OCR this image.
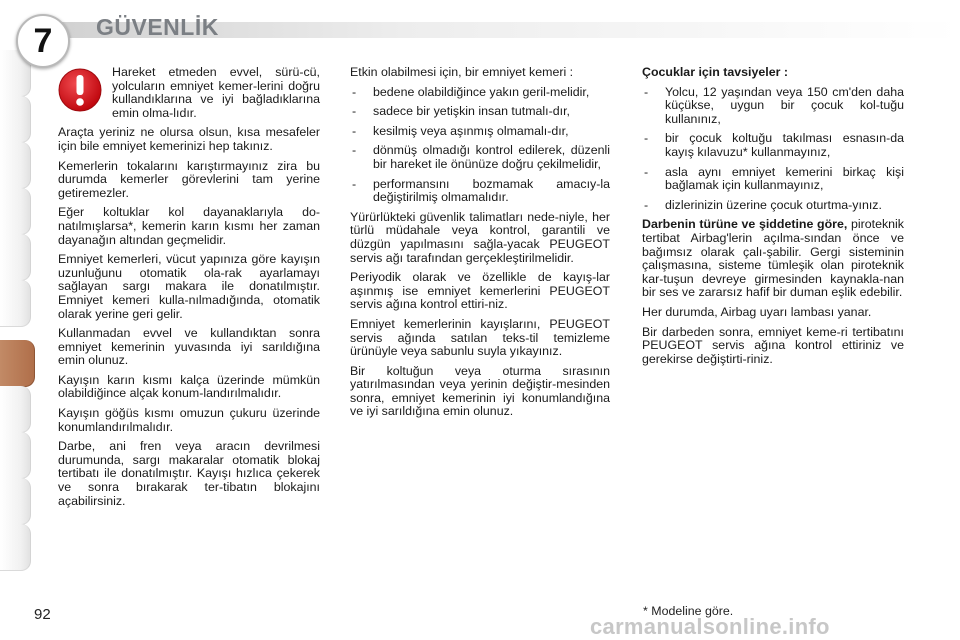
7 GÜVENLİK

Hareket etmeden evvel, sürü-cü, yolcuların emniyet kemer-lerini doğru kullandıklarına ve iyi bağladıklarına emin olma-lıdır.

Araçta yeriniz ne olursa olsun, kısa mesafeler için bile emniyet kemerinizi hep takınız.

Kemerlerin tokalarını karıştırmayınız zira bu durumda kemerler görevlerini tam yerine getiremezler.

Eğer koltuklar kol dayanaklarıyla do-natılmışlarsa*, kemerin karın kısmı her zaman dayanağın altından geçmelidir.

Emniyet kemerleri, vücut yapınıza göre kayışın uzunluğunu otomatik ola-rak ayarlamayı sağlayan sargı makara ile donatılmıştır. Emniyet kemeri kulla-nılmadığında, otomatik olarak yerine geri gelir.

Kullanmadan evvel ve kullandıktan sonra emniyet kemerinin yuvasında iyi sarıldığına emin olunuz.

Kayışın karın kısmı kalça üzerinde mümkün olabildiğince alçak konum-landırılmalıdır.

Kayışın göğüs kısmı omuzun çukuru üzerinde konumlandırılmalıdır.

Darbe, ani fren veya aracın devrilmesi durumunda, sargı makaralar otomatik blokaj tertibatı ile donatılmıştır. Kayışı hızlıca çekerek ve sonra bırakarak ter-tibatın blokajını açabilirsiniz.

Etkin olabilmesi için, bir emniyet kemeri :

- bedene olabildiğince yakın geril-melidir,
- sadece bir yetişkin insan tutmalı-dır,
- kesilmiş veya aşınmış olmamalı-dır,
- dönmüş olmadığı kontrol edilerek, düzenli bir hareket ile önünüze doğru çekilmelidir,
- performansını bozmamak amacıy-la değiştirilmiş olmamalıdır.

Yürürlükteki güvenlik talimatları nede-niyle, her türlü müdahale veya kontrol, garantili ve düzgün yapılmasını sağla-yacak PEUGEOT servis ağı tarafından gerçekleştirilmelidir.

Periyodik olarak ve özellikle de kayış-lar aşınmış ise emniyet kemerlerini PEUGEOT servis ağına kontrol ettiri-niz.

Emniyet kemerlerinin kayışlarını, PEUGEOT servis ağında satılan teks-til temizleme ürünüyle veya sabunlu suyla yıkayınız.

Bir koltuğun veya oturma sırasının yatırılmasından veya yerinin değiştir-mesinden sonra, emniyet kemerinin iyi konumlandığına ve iyi sarıldığına emin olunuz.

Çocuklar için tavsiyeler :

- Yolcu, 12 yaşından veya 150 cm'den daha küçükse, uygun bir çocuk kol-tuğu kullanınız,
- bir çocuk koltuğu takılması esnasın-da kayış kılavuzu* kullanmayınız,
- asla aynı emniyet kemerini birkaç kişi bağlamak için kullanmayınız,
- dizlerinizin üzerine çocuk oturtma-yınız.

Darbenin türüne ve şiddetine göre, piroteknik tertibat Airbag'lerin açılma-sından önce ve bağımsız olarak çalı-şabilir. Gergi sisteminin çalışmasına, sisteme tümleşik olan piroteknik kar-tuşun devreye girmesinden kaynakla-nan bir ses ve zararsız hafif bir duman eşlik edebilir.

Her durumda, Airbag uyarı lambası yanar.

Bir darbeden sonra, emniyet keme-ri tertibatını PEUGEOT servis ağına kontrol ettiriniz ve gerekirse değiştirti-riniz.

92	* Modeline göre.
carmanualsonline.info
